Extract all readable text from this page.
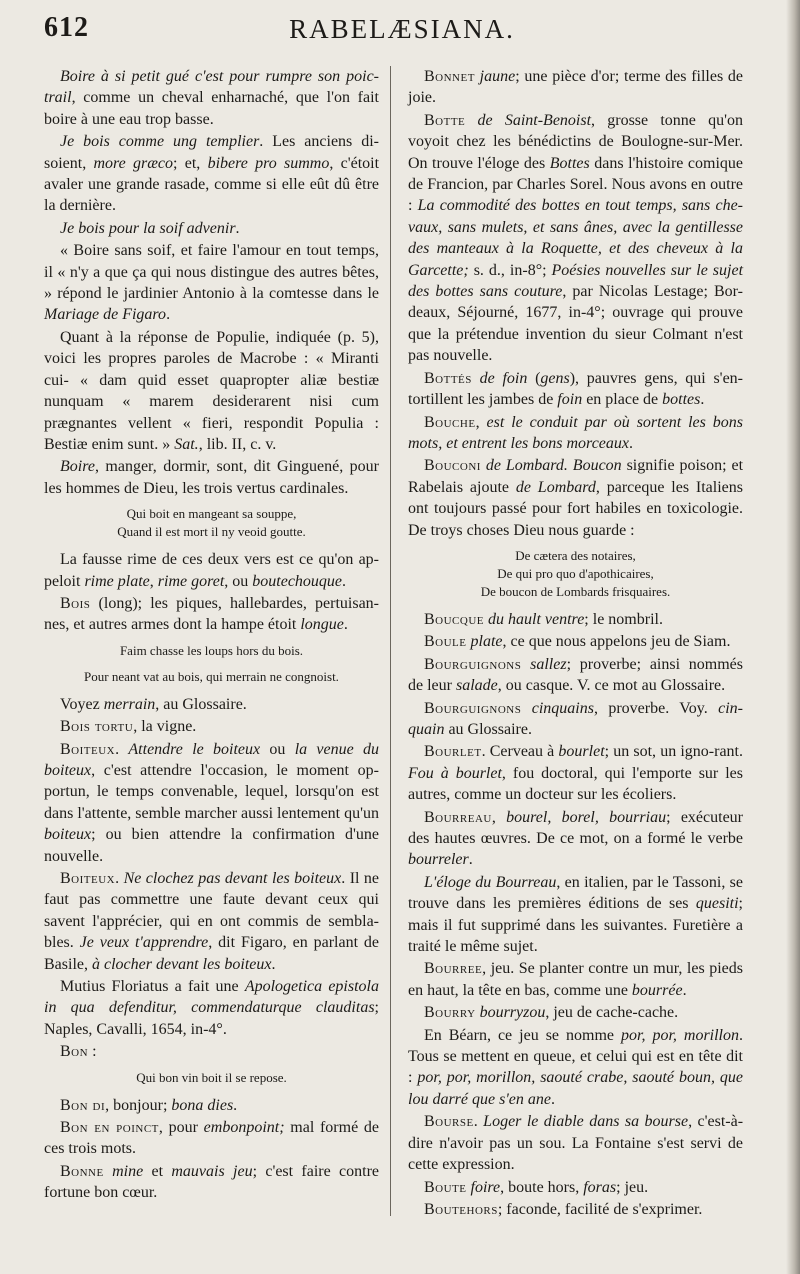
612	RABELÆSIANA.

Boire à si petit gué c'est pour rumpre son poic-trail, comme un cheval enharnaché, que l'on fait boire à une eau trop basse.

Je bois comme ung templier. Les anciens di-soient, more græco; et, bibere pro summo, c'étoit avaler une grande rasade, comme si elle eût dû être la dernière.

Je bois pour la soif advenir.

« Boire sans soif, et faire l'amour en tout temps, il « n'y a que ça qui nous distingue des autres bêtes, » répond le jardinier Antonio à la comtesse dans le Mariage de Figaro.

Quant à la réponse de Populie, indiquée (p. 5), voici les propres paroles de Macrobe : « Miranti cui- « dam quid esset quapropter aliæ bestiæ nunquam « marem desiderarent nisi cum prægnantes vellent « fieri, respondit Populia : Bestiæ enim sunt. » Sat., lib. II, c. v.

Boire, manger, dormir, sont, dit Ginguené, pour les hommes de Dieu, les trois vertus cardinales.

Qui boit en mangeant sa souppe,
Quand il est mort il ny veoid goutte.

La fausse rime de ces deux vers est ce qu'on ap-peloit rime plate, rime goret, ou boutechouque.

Bois (long); les piques, hallebardes, pertuisan-nes, et autres armes dont la hampe étoit longue.

Faim chasse les loups hors du bois.

Pour neant vat au bois, qui merrain ne congnoist.

Voyez merrain, au Glossaire.

Bois tortu, la vigne.

Boiteux. Attendre le boiteux ou la venue du boiteux, c'est attendre l'occasion, le moment op-portun, le temps convenable, lequel, lorsqu'on est dans l'attente, semble marcher aussi lentement qu'un boiteux; ou bien attendre la confirmation d'une nouvelle.

Boiteux. Ne clochez pas devant les boiteux. Il ne faut pas commettre une faute devant ceux qui savent l'apprécier, qui en ont commis de sembla-bles. Je veux t'apprendre, dit Figaro, en parlant de Basile, à clocher devant les boiteux.

Mutius Floriatus a fait une Apologetica epistola in qua defenditur, commendaturque clauditas; Naples, Cavalli, 1654, in-4°.

Bon :

Qui bon vin boit il se repose.

Bon di, bonjour; bona dies.

Bon en poinct, pour embonpoint; mal formé de ces trois mots.

Bonne mine et mauvais jeu; c'est faire contre fortune bon cœur.

Bonnet jaune; une pièce d'or; terme des filles de joie.

Botte de Saint-Benoist, grosse tonne qu'on voyoit chez les bénédictins de Boulogne-sur-Mer. On trouve l'éloge des Bottes dans l'histoire comique de Francion, par Charles Sorel. Nous avons en outre : La commodité des bottes en tout temps, sans che-vaux, sans mulets, et sans ânes, avec la gentillesse des manteaux à la Roquette, et des cheveux à la Garcette; s. d., in-8°; Poésies nouvelles sur le sujet des bottes sans couture, par Nicolas Lestage; Bor-deaux, Séjourné, 1677, in-4°; ouvrage qui prouve que la prétendue invention du sieur Colmant n'est pas nouvelle.

Bottés de foin (gens), pauvres gens, qui s'en-tortillent les jambes de foin en place de bottes.

Bouche, est le conduit par où sortent les bons mots, et entrent les bons morceaux.

Bouconi de Lombard. Boucon signifie poison; et Rabelais ajoute de Lombard, parceque les Italiens ont toujours passé pour fort habiles en toxicologie. De troys choses Dieu nous guarde :

De cætera des notaires,
De qui pro quo d'apothicaires,
De boucon de Lombards frisquaires.

Boucque du hault ventre; le nombril.

Boule plate, ce que nous appelons jeu de Siam.

Bourguignons sallez; proverbe; ainsi nommés de leur salade, ou casque. V. ce mot au Glossaire.

Bourguignons cinquains, proverbe. Voy. cin-quain au Glossaire.

Bourlet. Cerveau à bourlet; un sot, un igno-rant. Fou à bourlet, fou doctoral, qui l'emporte sur les autres, comme un docteur sur les écoliers.

Bourreau, bourel, borel, bourriau; exécuteur des hautes œuvres. De ce mot, on a formé le verbe bourreler.

L'éloge du Bourreau, en italien, par le Tassoni, se trouve dans les premières éditions de ses quesiti; mais il fut supprimé dans les suivantes. Furetière a traité le même sujet.

Bourree, jeu. Se planter contre un mur, les pieds en haut, la tête en bas, comme une bourrée.

Bourry bourryzou, jeu de cache-cache.

En Béarn, ce jeu se nomme por, por, morillon. Tous se mettent en queue, et celui qui est en tête dit : por, por, morillon, saouté crabe, saouté boun, que lou darré que s'en ane.

Bourse. Loger le diable dans sa bourse, c'est-à-dire n'avoir pas un sou. La Fontaine s'est servi de cette expression.

Boute foire, boute hors, foras; jeu.

Boutehors; faconde, facilité de s'exprimer.
